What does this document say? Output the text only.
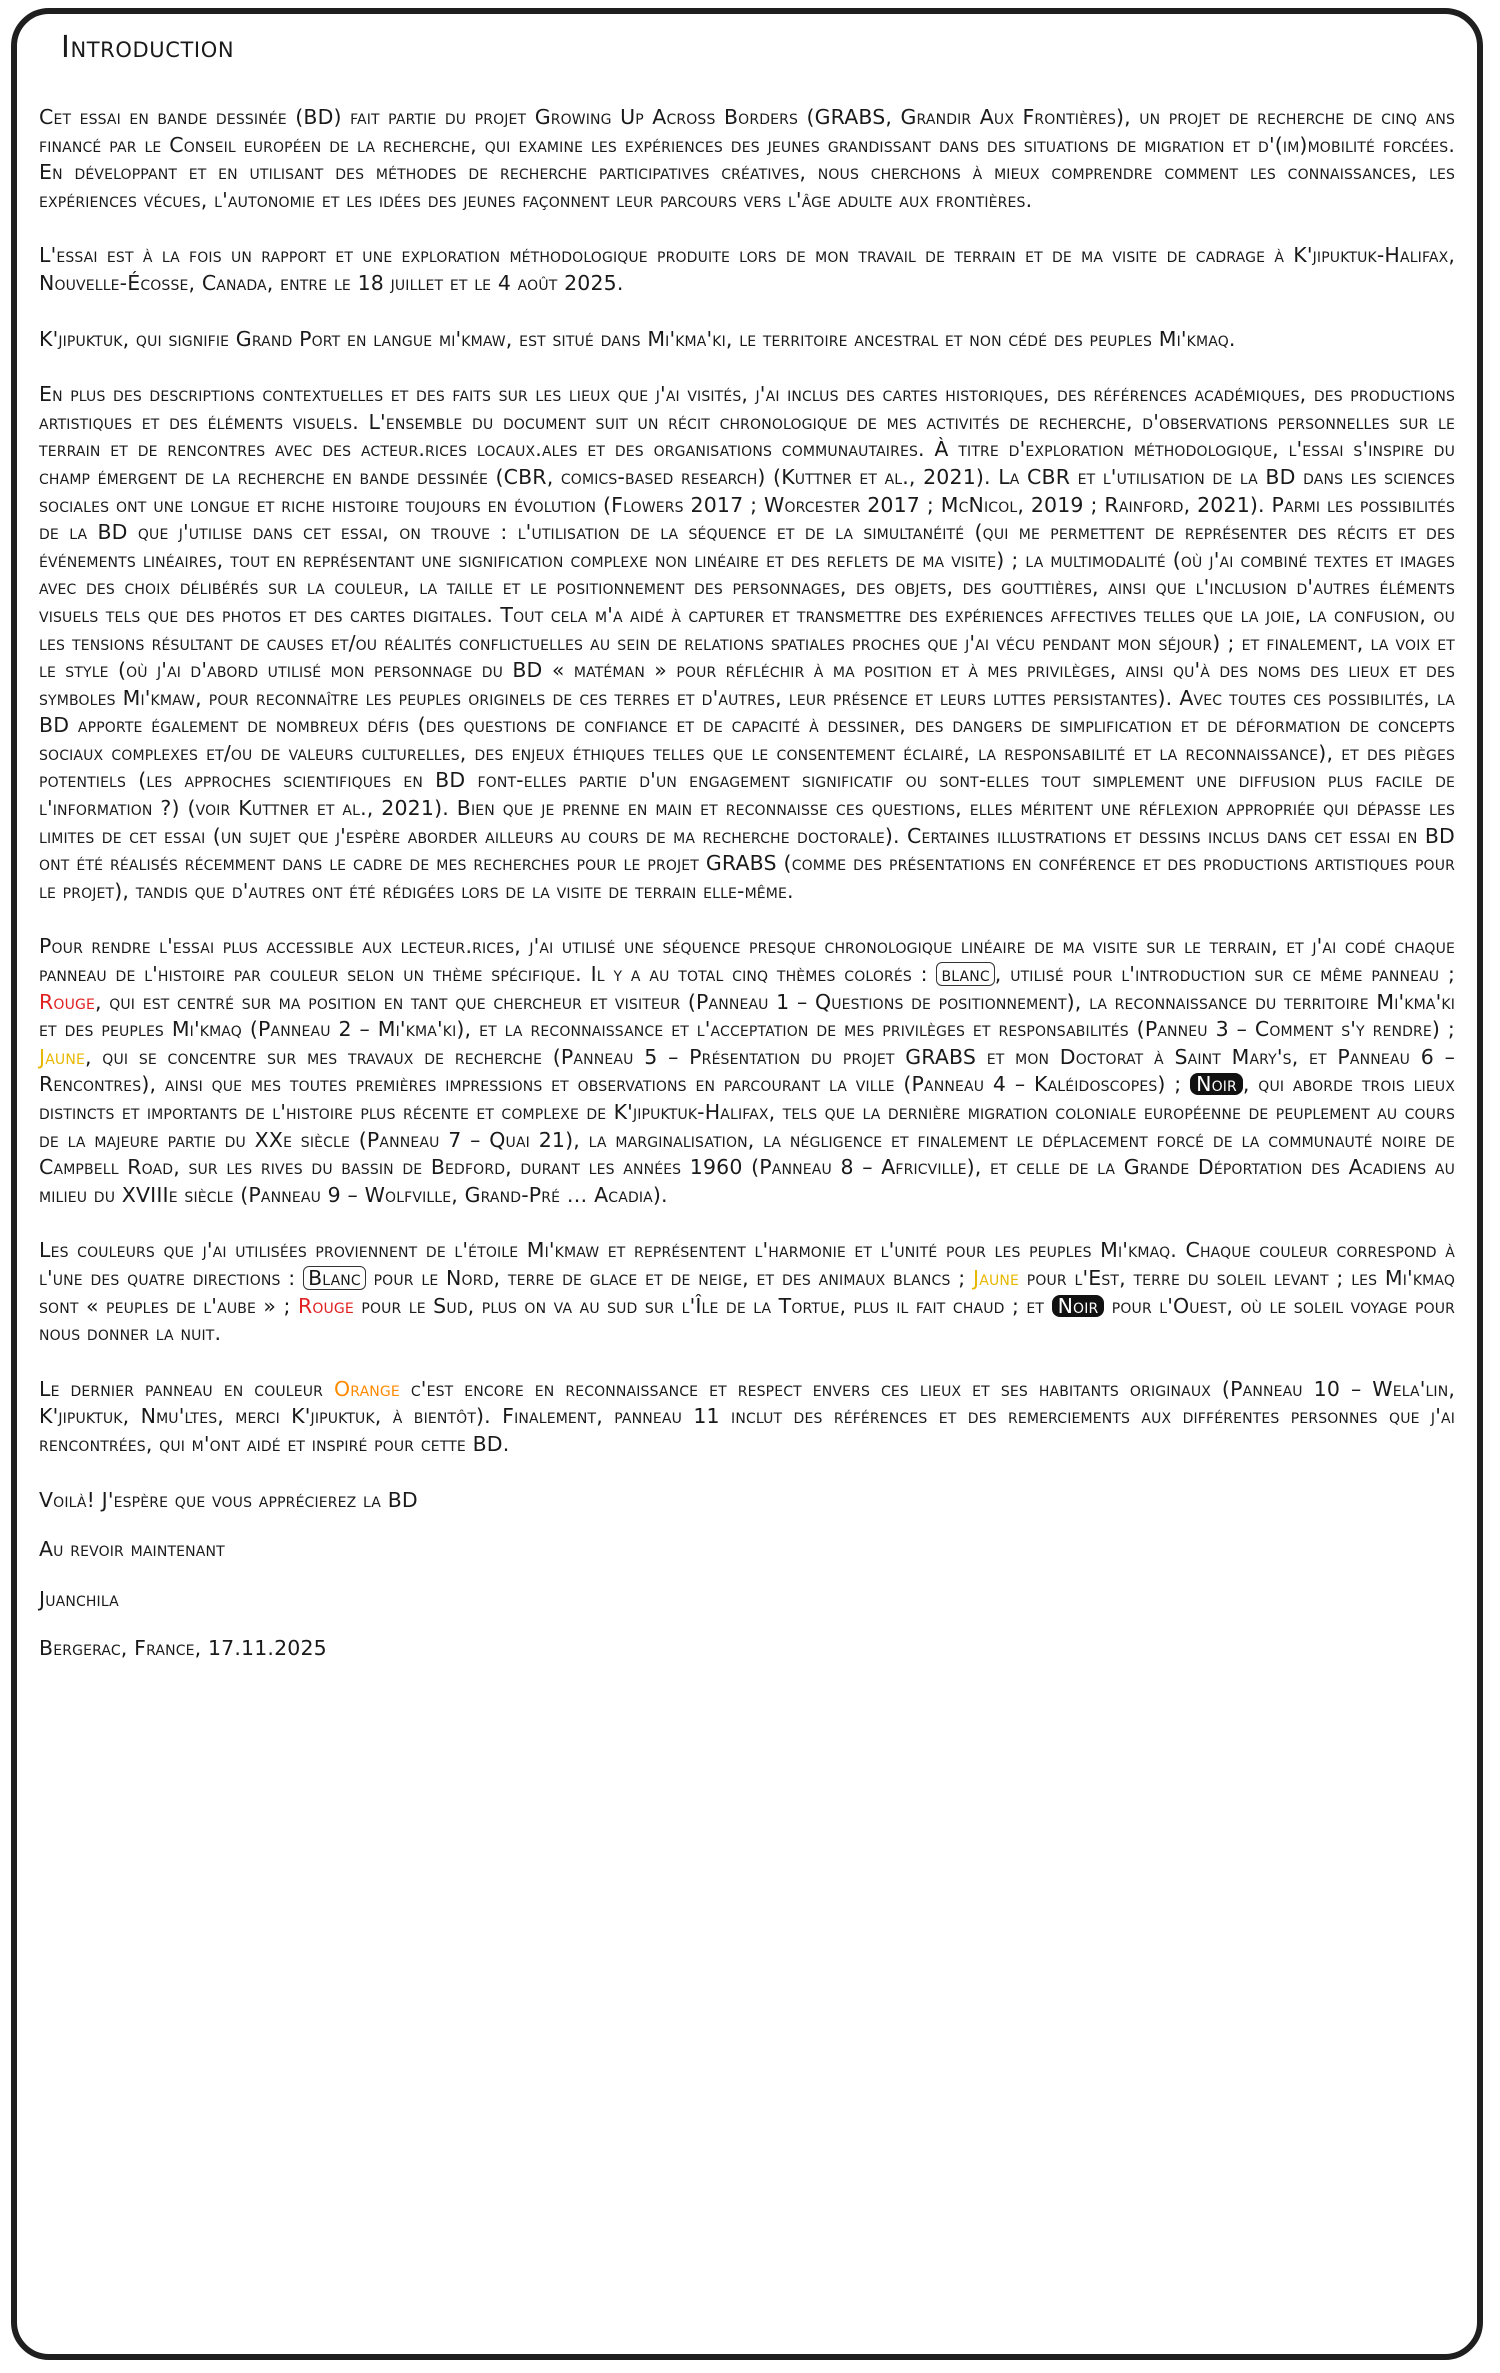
Introduction

Cet essai en bande dessinée (BD) fait partie du projet Growing Up Across Borders (GRABS, Grandir Aux Frontières), un projet de recherche de cinq ans financé par le Conseil européen de la recherche, qui examine les expériences des jeunes grandissant dans des situations de migration et d'(im)mobilité forcées. En développant et en utilisant des méthodes de recherche participatives créatives, nous cherchons à mieux comprendre comment les connaissances, les expériences vécues, l'autonomie et les idées des jeunes façonnent leur parcours vers l'âge adulte aux frontières.

L'essai est à la fois un rapport et une exploration méthodologique produite lors de mon travail de terrain et de ma visite de cadrage à K'jipuktuk-Halifax, Nouvelle-Écosse, Canada, entre le 18 juillet et le 4 août 2025.

K'jipuktuk, qui signifie Grand Port en langue mi'kmaw, est situé dans Mi'kma'ki, le territoire ancestral et non cédé des peuples Mi'kmaq.

En plus des descriptions contextuelles et des faits sur les lieux que j'ai visités, j'ai inclus des cartes historiques, des références académiques, des productions artistiques et des éléments visuels. L'ensemble du document suit un récit chronologique de mes activités de recherche, d'observations personnelles sur le terrain et de rencontres avec des acteur.rices locaux.ales et des organisations communautaires. À titre d'exploration méthodologique, l'essai s'inspire du champ émergent de la recherche en bande dessinée (CBR, comics-based research) (Kuttner et al., 2021). La CBR et l'utilisation de la BD dans les sciences sociales ont une longue et riche histoire toujours en évolution (Flowers 2017 ; Worcester 2017 ; McNicol, 2019 ; Rainford, 2021). Parmi les possibilités de la BD que j'utilise dans cet essai, on trouve : l'utilisation de la séquence et de la simultanéité (qui me permettent de représenter des récits et des événements linéaires, tout en représentant une signification complexe non linéaire et des reflets de ma visite) ; la multimodalité (où j'ai combiné textes et images avec des choix délibérés sur la couleur, la taille et le positionnement des personnages, des objets, des gouttières, ainsi que l'inclusion d'autres éléments visuels tels que des photos et des cartes digitales. Tout cela m'a aidé à capturer et transmettre des expériences affectives telles que la joie, la confusion, ou les tensions résultant de causes et/ou réalités conflictuelles au sein de relations spatiales proches que j'ai vécu pendant mon séjour) ; et finalement, la voix et le style (où j'ai d'abord utilisé mon personnage du BD « matéman » pour réfléchir à ma position et à mes privilèges, ainsi qu'à des noms des lieux et des symboles Mi'kmaw, pour reconnaître les peuples originels de ces terres et d'autres, leur présence et leurs luttes persistantes). Avec toutes ces possibilités, la BD apporte également de nombreux défis (des questions de confiance et de capacité à dessiner, des dangers de simplification et de déformation de concepts sociaux complexes et/ou de valeurs culturelles, des enjeux éthiques telles que le consentement éclairé, la responsabilité et la reconnaissance), et des pièges potentiels (les approches scientifiques en BD font-elles partie d'un engagement significatif ou sont-elles tout simplement une diffusion plus facile de l'information ?) (voir Kuttner et al., 2021). Bien que je prenne en main et reconnaisse ces questions, elles méritent une réflexion appropriée qui dépasse les limites de cet essai (un sujet que j'espère aborder ailleurs au cours de ma recherche doctorale). Certaines illustrations et dessins inclus dans cet essai en BD ont été réalisés récemment dans le cadre de mes recherches pour le projet GRABS (comme des présentations en conférence et des productions artistiques pour le projet), tandis que d'autres ont été rédigées lors de la visite de terrain elle-même.

Pour rendre l'essai plus accessible aux lecteur.rices, j'ai utilisé une séquence presque chronologique linéaire de ma visite sur le terrain, et j'ai codé chaque panneau de l'histoire par couleur selon un thème spécifique. Il y a au total cinq thèmes colorés : blanc , utilisé pour l'introduction sur ce même panneau ; Rouge, qui est centré sur ma position en tant que chercheur et visiteur (Panneau 1 – Questions de positionnement), la reconnaissance du territoire Mi'kma'ki et des peuples Mi'kmaq (Panneau 2 – Mi'kma'ki), et la reconnaissance et l'acceptation de mes privilèges et responsabilités (Panneu 3 – Comment s'y rendre) ; Jaune, qui se concentre sur mes travaux de recherche (Panneau 5 – Présentation du projet GRABS et mon Doctorat à Saint Mary's, et Panneau 6 – Rencontres), ainsi que mes toutes premières impressions et observations en parcourant la ville (Panneau 4 – Kaléidoscopes) ; Noir , qui aborde trois lieux distincts et importants de l'histoire plus récente et complexe de K'jipuktuk-Halifax, tels que la dernière migration coloniale européenne de peuplement au cours de la majeure partie du XXe siècle (Panneau 7 – Quai 21), la marginalisation, la négligence et finalement le déplacement forcé de la communauté noire de Campbell Road, sur les rives du bassin de Bedford, durant les années 1960 (Panneau 8 – Africville), et celle de la Grande Déportation des Acadiens au milieu du XVIIIe siècle (Panneau 9 – Wolfville, Grand-Pré … Acadia).

Les couleurs que j'ai utilisées proviennent de l'étoile Mi'kmaw et représentent l'harmonie et l'unité pour les peuples Mi'kmaq. Chaque couleur correspond à l'une des quatre directions : Blanc pour le Nord, terre de glace et de neige, et des animaux blancs ; Jaune pour l'Est, terre du soleil levant ; les Mi'kmaq sont « peuples de l'aube » ; Rouge pour le Sud, plus on va au sud sur l'Île de la Tortue, plus il fait chaud ; et Noir pour l'Ouest, où le soleil voyage pour nous donner la nuit.

Le dernier panneau en couleur Orange c'est encore en reconnaissance et respect envers ces lieux et ses habitants originaux (Panneau 10 – Wela'lin, K'jipuktuk, Nmu'ltes, merci K'jipuktuk, à bientôt). Finalement, panneau 11 inclut des références et des remerciements aux différentes personnes que j'ai rencontrées, qui m'ont aidé et inspiré pour cette BD.

Voilà! J'espère que vous apprécierez la BD

Au revoir maintenant

Juanchila

Bergerac, France, 17.11.2025
